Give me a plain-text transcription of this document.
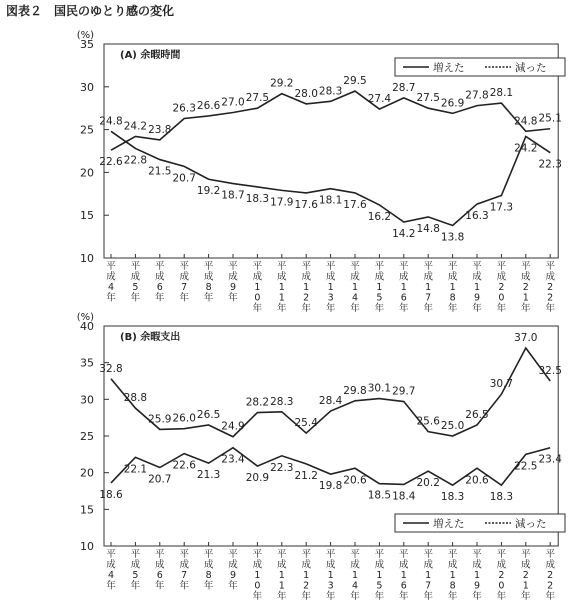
図表２　国民のゆとり感の変化
10
15
20
25
30
35
(%)
(A) 余暇時間
平成 4 年
平成 5 年
平成 6 年
平成 7 年
平成 8 年
平成 9 年
平成 1 0 年
平成 1 1 年
平成 1 2 年
平成 1 3 年
平成 1 4 年
平成 1 5 年
平成 1 6 年
平成 1 7 年
平成 1 8 年
平成 1 9 年
平成 2 0 年
平成 2 1 年
平成 2 2 年
24.8
22.8
21.5
20.7
19.2 18.7 18.3 17.9 17.6 18.1 17.6
16.2
14.2 14.8
13.8
16.3
17.3
24.2
22.3
22.6
24.2 23.8
26.3 26.6 27.0 27.5
29.2
28.0 28.3
29.5
27.4
28.7
27.5 26.9
27.8 28.1
24.8 25.1
増えた	減った
10
15
20
25
30
35
40
(%)
(B) 余暇支出
平成 4 年
平成 5 年
平成 6 年
平成 7 年
平成 8 年
平成 9 年
平成 1 0 年
平成 1 1 年
平成 1 2 年
平成 1 3 年
平成 1 4 年
平成 1 5 年
平成 1 6 年
平成 1 7 年
平成 1 8 年
平成 1 9 年
平成 2 0 年
平成 2 1 年
平成 2 2 年
18.6
22.1
20.7
22.6
21.3
23.4
20.9
22.3
21.2
19.8 20.6
18.5 18.4
20.2
18.3
20.6
18.3
22.5
23.4
32.8
28.8
25.9 26.0 26.5
24.9
28.2 28.3
25.4
28.4
29.8 30.1 29.7
25.6 25.0
26.5
30.7
37.0
32.5
増えた	減った
